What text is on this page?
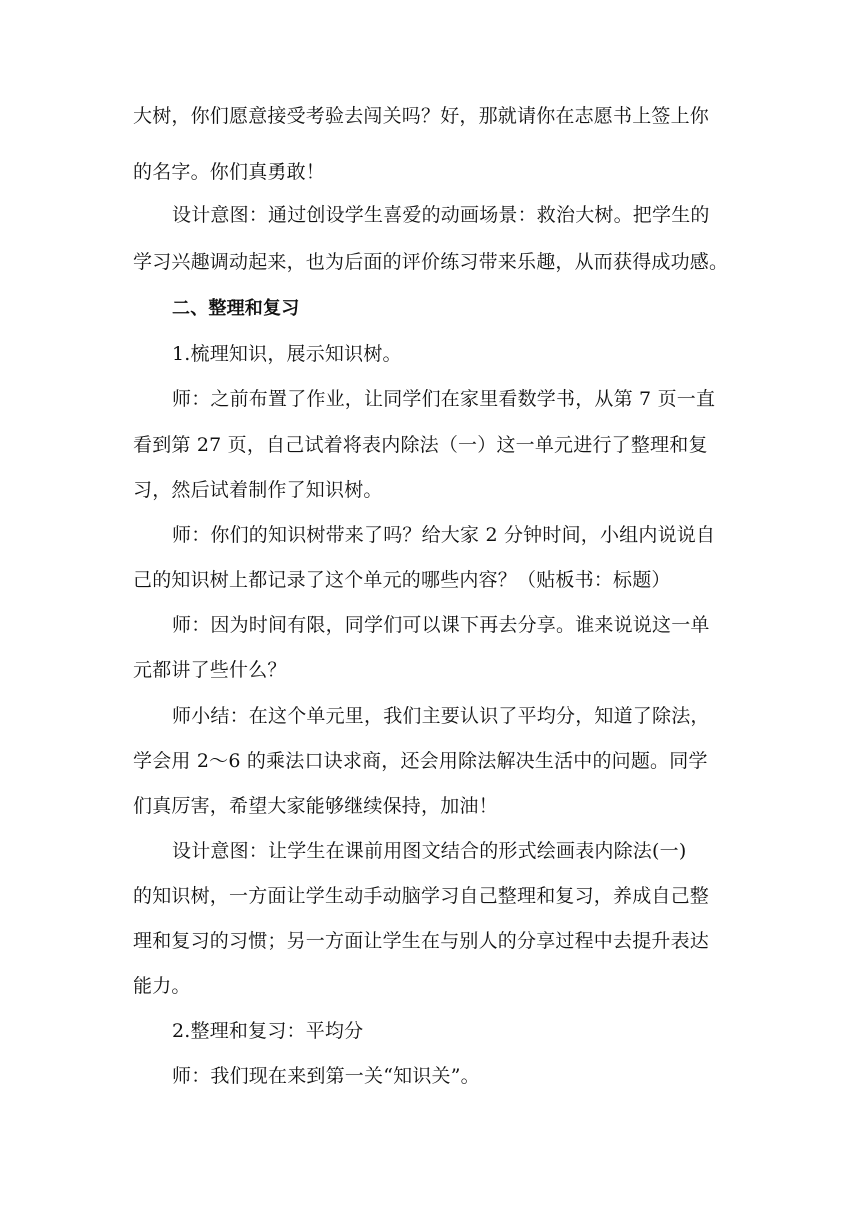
大树，你们愿意接受考验去闯关吗？好，那就请你在志愿书上签上你
的名字。你们真勇敢！
设计意图：通过创设学生喜爱的动画场景：救治大树。把学生的
学习兴趣调动起来，也为后面的评价练习带来乐趣，从而获得成功感。
二、整理和复习
1.梳理知识，展示知识树。
师：之前布置了作业，让同学们在家里看数学书，从第 7 页一直
看到第 27 页，自己试着将表内除法（一）这一单元进行了整理和复
习，然后试着制作了知识树。
师：你们的知识树带来了吗？给大家 2 分钟时间，小组内说说自
己的知识树上都记录了这个单元的哪些内容？（贴板书：标题）
师：因为时间有限，同学们可以课下再去分享。谁来说说这一单
元都讲了些什么？
师小结：在这个单元里，我们主要认识了平均分，知道了除法，
学会用 2～6 的乘法口诀求商，还会用除法解决生活中的问题。同学
们真厉害，希望大家能够继续保持，加油！
设计意图：让学生在课前用图文结合的形式绘画表内除法(一)
的知识树，一方面让学生动手动脑学习自己整理和复习，养成自己整
理和复习的习惯；另一方面让学生在与别人的分享过程中去提升表达
能力。
2.整理和复习：平均分
师：我们现在来到第一关“知识关”。
